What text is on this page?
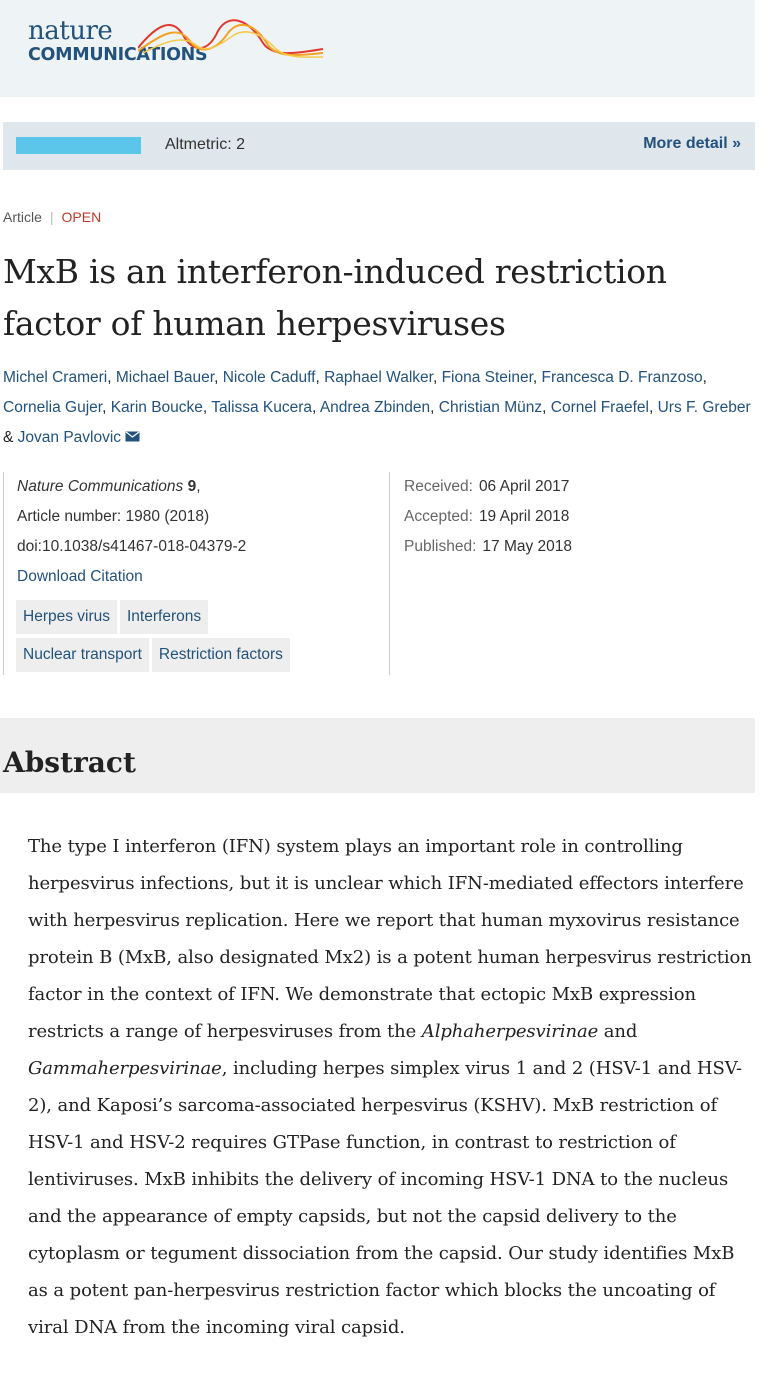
nature
COMMUNICATIONS
Altmetric: 2	More detail »
Article | OPEN
MxB is an interferon-induced restriction factor of human herpesviruses
Michel Crameri, Michael Bauer, Nicole Caduff, Raphael Walker, Fiona Steiner, Francesca D. Franzoso, Cornelia Gujer, Karin Boucke, Talissa Kucera, Andrea Zbinden, Christian Münz, Cornel Fraefel, Urs F. Greber & Jovan Pavlovic
Nature Communications 9,
Article number: 1980 (2018)
doi:10.1038/s41467-018-04379-2
Download Citation
Received: 06 April 2017
Accepted: 19 April 2018
Published: 17 May 2018
Herpes virus Interferons
Nuclear transport Restriction factors
Abstract

The type I interferon (IFN) system plays an important role in controlling herpesvirus infections, but it is unclear which IFN-mediated effectors interfere with herpesvirus replication. Here we report that human myxovirus resistance protein B (MxB, also designated Mx2) is a potent human herpesvirus restriction factor in the context of IFN. We demonstrate that ectopic MxB expression restricts a range of herpesviruses from the Alphaherpesvirinae and Gammaherpesvirinae, including herpes simplex virus 1 and 2 (HSV-1 and HSV-2), and Kaposi’s sarcoma-associated herpesvirus (KSHV). MxB restriction of HSV-1 and HSV-2 requires GTPase function, in contrast to restriction of lentiviruses. MxB inhibits the delivery of incoming HSV-1 DNA to the nucleus and the appearance of empty capsids, but not the capsid delivery to the cytoplasm or tegument dissociation from the capsid. Our study identifies MxB as a potent pan-herpesvirus restriction factor which blocks the uncoating of viral DNA from the incoming viral capsid.
